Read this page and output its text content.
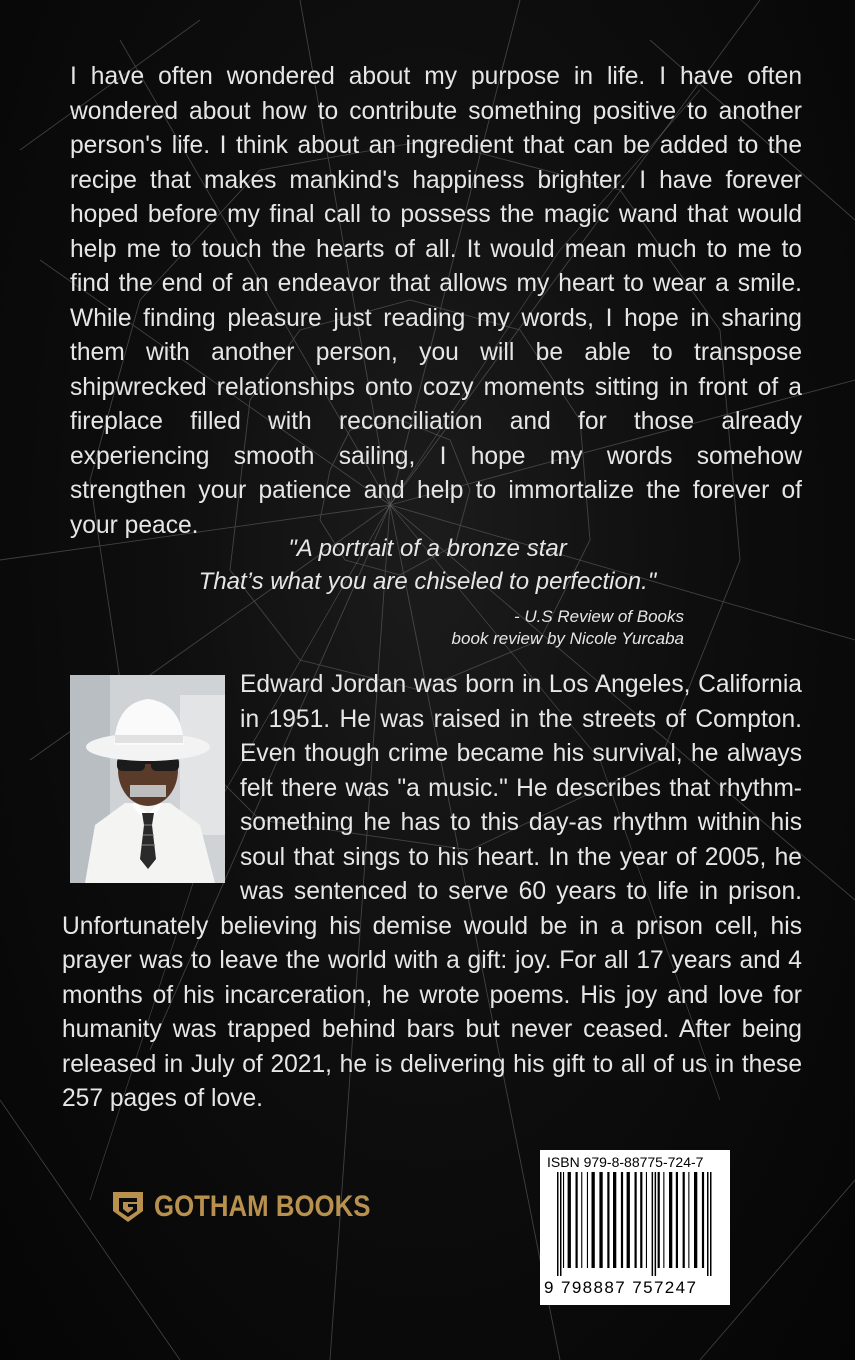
I have often wondered about my purpose in life. I have often wondered about how to contribute something positive to another person's life. I think about an ingredient that can be added to the recipe that makes mankind's happiness brighter. I have forever hoped before my final call to possess the magic wand that would help me to touch the hearts of all. It would mean much to me to find the end of an endeavor that allows my heart to wear a smile. While finding pleasure just reading my words, I hope in sharing them with another person, you will be able to transpose shipwrecked relationships onto cozy moments sitting in front of a fireplace filled with reconciliation and for those already experiencing smooth sailing, I hope my words somehow strengthen your patience and help to immortalize the forever of your peace.

"A portrait of a bronze star
That’s what you are chiseled to perfection."
- U.S Review of Books
book review by Nicole Yurcaba

Edward Jordan was born in Los Angeles, California in 1951. He was raised in the streets of Compton. Even though crime became his survival, he always felt there was "a music." He describes that rhythm- something he has to this day-as rhythm within his soul that sings to his heart. In the year of 2005, he was sentenced to serve 60 years to life in prison. Unfortunately believing his demise would be in a prison cell, his prayer was to leave the world with a gift: joy. For all 17 years and 4 months of his incarceration, he wrote poems. His joy and love for humanity was trapped behind bars but never ceased. After being released in July of 2021, he is delivering his gift to all of us in these 257 pages of love.

GOTHAM BOOKS
ISBN 979-8-88775-724-7
9 798887 757247
